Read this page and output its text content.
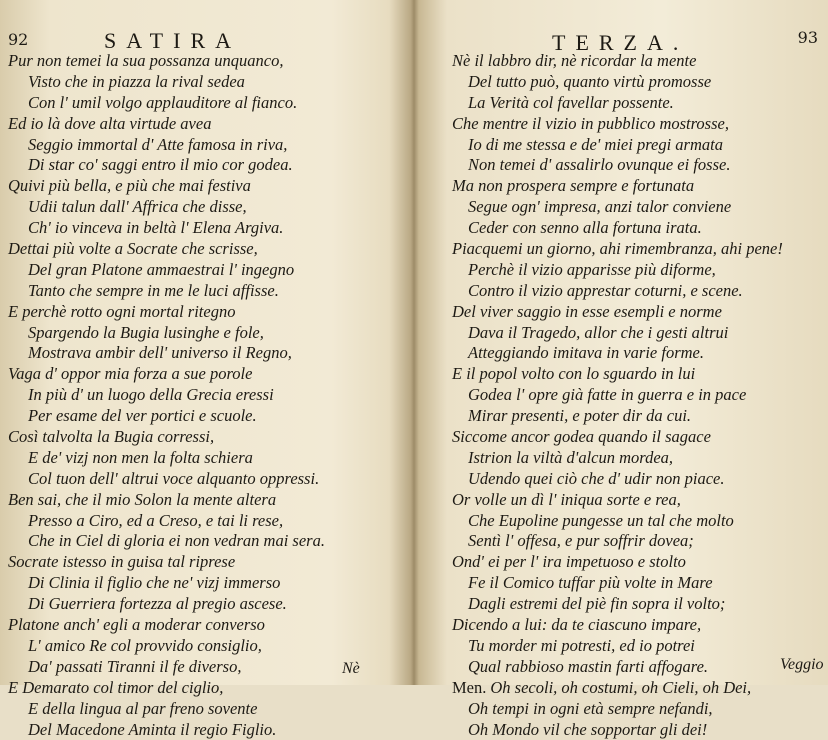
92	SATIRA
Pur non temei la sua possanza unquanco,
Visto che in piazza la rival sedea
Con l' umil volgo applauditore al fianco.
Ed io là dove alta virtude avea
Seggio immortal d' Atte famosa in riva,
Di star co' saggi entro il mio cor godea.
Quivi più bella, e più che mai festiva
Udii talun dall' Affrica che disse,
Ch' io vinceva in beltà l' Elena Argiva.
Dettai più volte a Socrate che scrisse,
Del gran Platone ammaestrai l' ingegno
Tanto che sempre in me le luci affisse.
E perchè rotto ogni mortal ritegno
Spargendo la Bugia lusinghe e fole,
Mostrava ambir dell' universo il Regno,
Vaga d' oppor mia forza a sue porole
In più d' un luogo della Grecia eressi
Per esame del ver portici e scuole.
Così talvolta la Bugia corressi,
E de' vizj non men la folta schiera
Col tuon dell' altrui voce alquanto oppressi.
Ben sai, che il mio Solon la mente altera
Presso a Ciro, ed a Creso, e tai li rese,
Che in Ciel di gloria ei non vedran mai sera.
Socrate istesso in guisa tal riprese
Di Clinia il figlio che ne' vizj immerso
Di Guerriera fortezza al pregio ascese.
Platone anch' egli a moderar converso
L' amico Re col provvido consiglio,
Da' passati Tiranni il fe diverso,
E Demarato col timor del ciglio,
E della lingua al par freno sovente
Del Macedone Aminta il regio Figlio.
Nè
93
TERZA.
Nè il labbro dir, nè ricordar la mente
Del tutto può, quanto virtù promosse
La Verità col favellar possente.
Che mentre il vizio in pubblico mostrosse,
Io di me stessa e de' miei pregi armata
Non temei d' assalirlo ovunque ei fosse.
Ma non prospera sempre e fortunata
Segue ogn' impresa, anzi talor conviene
Ceder con senno alla fortuna irata.
Piacquemi un giorno, ahi rimembranza, ahi pene!
Perchè il vizio apparisse più diforme,
Contro il vizio apprestar coturni, e scene.
Del viver saggio in esse esempli e norme
Dava il Tragedo, allor che i gesti altrui
Atteggiando imitava in varie forme.
E il popol volto con lo sguardo in lui
Godea l' opre già fatte in guerra e in pace
Mirar presenti, e poter dir da cui.
Siccome ancor godea quando il sagace
Istrion la viltà d'alcun mordea,
Udendo quei ciò che d' udir non piace.
Or volle un dì l' iniqua sorte e rea,
Che Eupoline pungesse un tal che molto
Sentì l' offesa, e pur soffrir dovea;
Ond' ei per l' ira impetuoso e stolto
Fe il Comico tuffar più volte in Mare
Dagli estremi del piè fin sopra il volto;
Dicendo a lui: da te ciascuno impare,
Tu morder mi potresti, ed io potrei
Qual rabbioso mastin farti affogare.
Men. Oh secoli, oh costumi, oh Cieli, oh Dei,
Oh tempi in ogni età sempre nefandi,
Oh Mondo vil che sopportar gli dei!
Veggio
